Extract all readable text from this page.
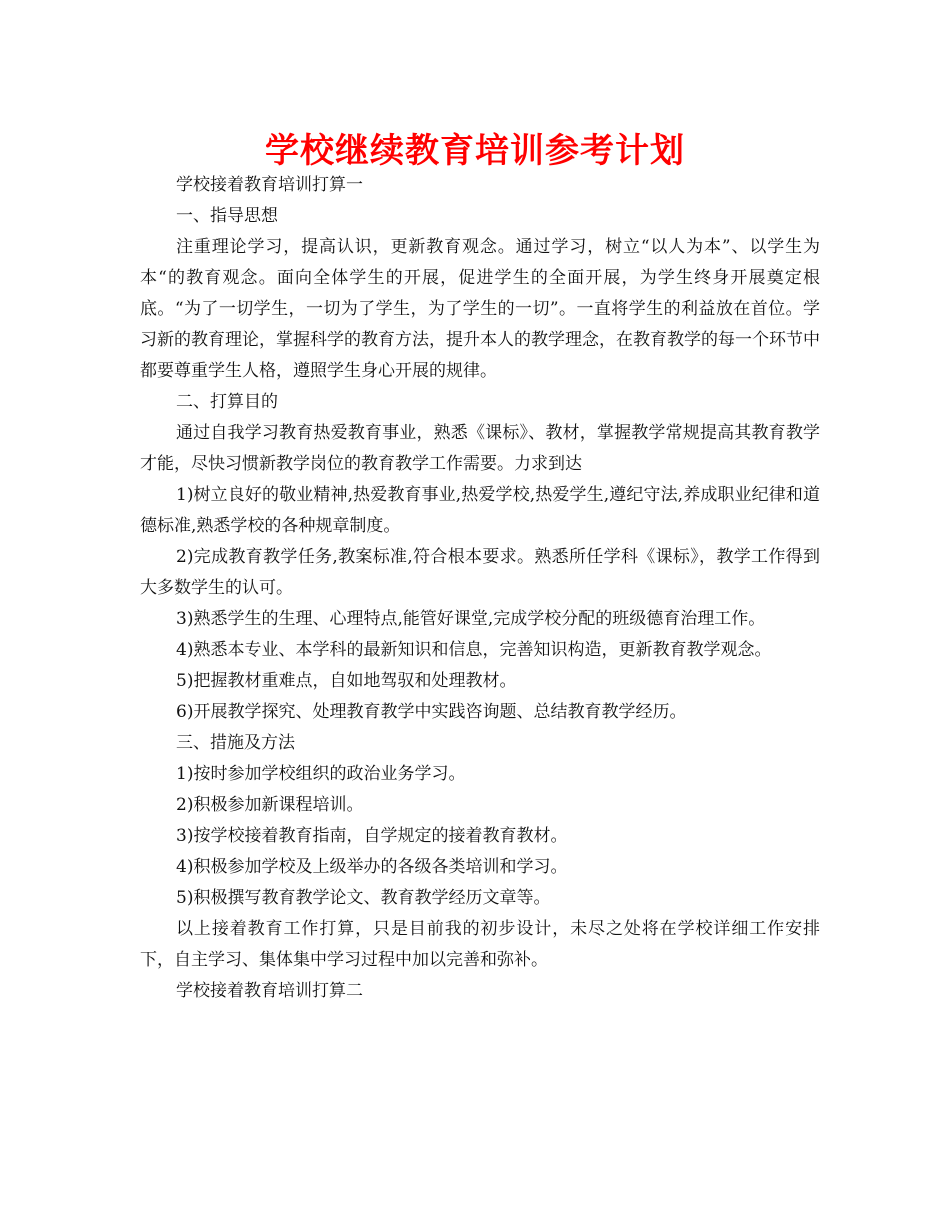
学校继续教育培训参考计划

学校接着教育培训打算一

一、指导思想

注重理论学习，提高认识，更新教育观念。通过学习，树立“以人为本”、以学生为本“的教育观念。面向全体学生的开展，促进学生的全面开展，为学生终身开展奠定根底。“为了一切学生，一切为了学生，为了学生的一切”。一直将学生的利益放在首位。学习新的教育理论，掌握科学的教育方法，提升本人的教学理念，在教育教学的每一个环节中都要尊重学生人格，遵照学生身心开展的规律。

二、打算目的

通过自我学习教育热爱教育事业，熟悉《课标》、教材，掌握教学常规提高其教育教学才能，尽快习惯新教学岗位的教育教学工作需要。力求到达

1)树立良好的敬业精神,热爱教育事业,热爱学校,热爱学生,遵纪守法,养成职业纪律和道德标准,熟悉学校的各种规章制度。

2)完成教育教学任务,教案标准,符合根本要求。熟悉所任学科《课标》，教学工作得到大多数学生的认可。

3)熟悉学生的生理、心理特点,能管好课堂,完成学校分配的班级德育治理工作。

4)熟悉本专业、本学科的最新知识和信息，完善知识构造，更新教育教学观念。

5)把握教材重难点，自如地驾驭和处理教材。

6)开展教学探究、处理教育教学中实践咨询题、总结教育教学经历。

三、措施及方法

1)按时参加学校组织的政治业务学习。

2)积极参加新课程培训。

3)按学校接着教育指南，自学规定的接着教育教材。

4)积极参加学校及上级举办的各级各类培训和学习。

5)积极撰写教育教学论文、教育教学经历文章等。

以上接着教育工作打算，只是目前我的初步设计，未尽之处将在学校详细工作安排下，自主学习、集体集中学习过程中加以完善和弥补。

学校接着教育培训打算二
